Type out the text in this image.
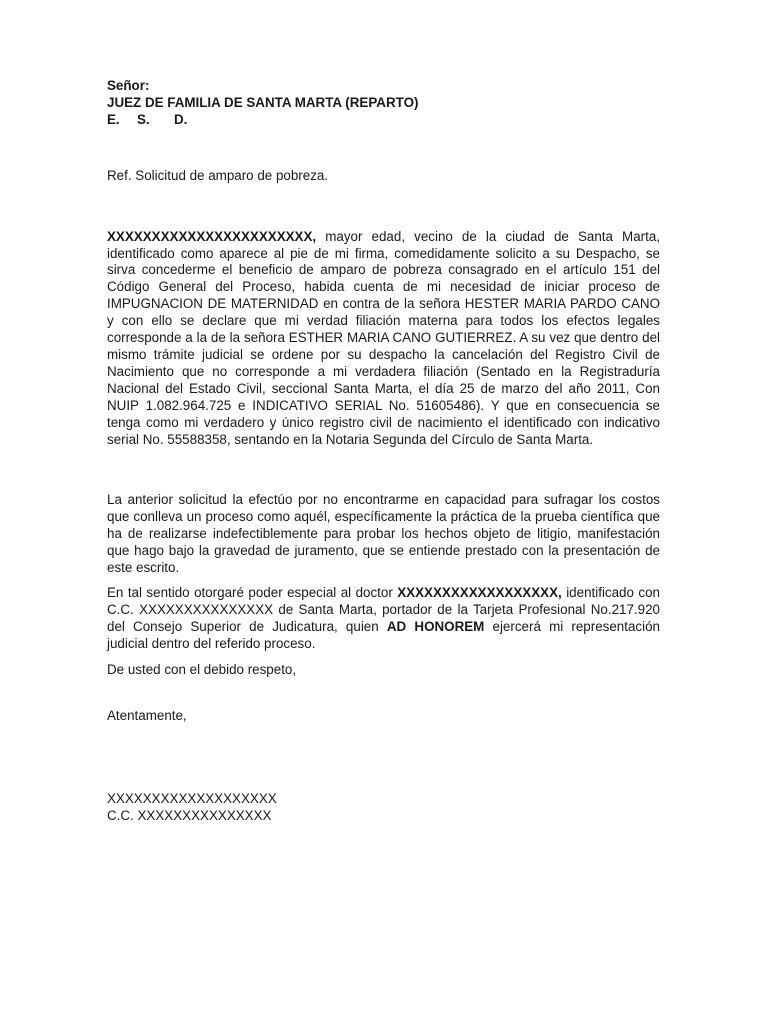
Señor:

JUEZ DE FAMILIA DE SANTA MARTA (REPARTO)

E. S. D.

Ref. Solicitud de amparo de pobreza.

XXXXXXXXXXXXXXXXXXXXXXX, mayor edad, vecino de la ciudad de Santa Marta, identificado como aparece al pie de mi firma, comedidamente solicito a su Despacho, se sirva concederme el beneficio de amparo de pobreza consagrado en el artículo 151 del Código General del Proceso, habida cuenta de mi necesidad de iniciar proceso de IMPUGNACION DE MATERNIDAD en contra de la señora HESTER MARIA PARDO CANO y con ello se declare que mi verdad filiación materna para todos los efectos legales corresponde a la de la señora ESTHER MARIA CANO GUTIERREZ. A su vez que dentro del mismo trámite judicial se ordene por su despacho la cancelación del Registro Civil de Nacimiento que no corresponde a mi verdadera filiación (Sentado en la Registraduría Nacional del Estado Civil, seccional Santa Marta, el día 25 de marzo del año 2011, Con NUIP 1.082.964.725 e INDICATIVO SERIAL No. 51605486). Y que en consecuencia se tenga como mi verdadero y único registro civil de nacimiento el identificado con indicativo serial No. 55588358, sentando en la Notaria Segunda del Círculo de Santa Marta.

La anterior solicitud la efectúo por no encontrarme en capacidad para sufragar los costos que conlleva un proceso como aquél, específicamente la práctica de la prueba científica que ha de realizarse indefectiblemente para probar los hechos objeto de litigio, manifestación que hago bajo la gravedad de juramento, que se entiende prestado con la presentación de este escrito.

En tal sentido otorgaré poder especial al doctor XXXXXXXXXXXXXXXXXX, identificado con C.C. XXXXXXXXXXXXXXX de Santa Marta, portador de la Tarjeta Profesional No.217.920 del Consejo Superior de Judicatura, quien AD HONOREM ejercerá mi representación judicial dentro del referido proceso.

De usted con el debido respeto,

Atentamente,

XXXXXXXXXXXXXXXXXXX

C.C. XXXXXXXXXXXXXXX
